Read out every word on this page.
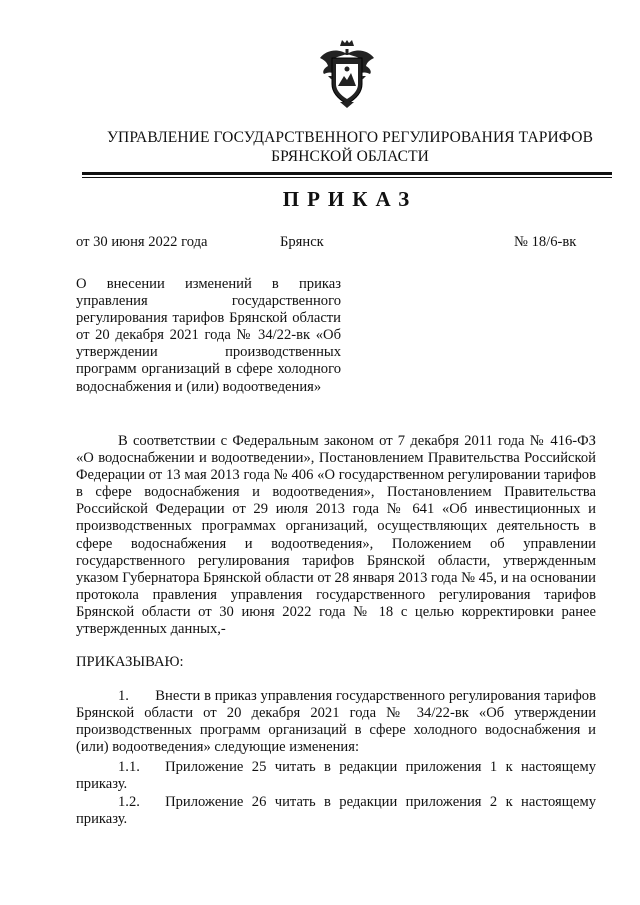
УПРАВЛЕНИЕ ГОСУДАРСТВЕННОГО РЕГУЛИРОВАНИЯ ТАРИФОВ
БРЯНСКОЙ ОБЛАСТИ
ПРИКАЗ
от 30 июня 2022 года	Брянск	№ 18/6-вк
О внесении изменений в приказ управления государственного регулирования тарифов Брянской области от 20 декабря 2021 года № 34/22-вк «Об утверждении производственных программ организаций в сфере холодного водоснабжения и (или) водоотведения»
В соответствии с Федеральным законом от 7 декабря 2011 года № 416-ФЗ «О водоснабжении и водоотведении», Постановлением Правительства Российской Федерации от 13 мая 2013 года № 406 «О государственном регулировании тарифов в сфере водоснабжения и водоотведения», Постановлением Правительства Российской Федерации от 29 июля 2013 года № 641 «Об инвестиционных и производственных программах организаций, осуществляющих деятельность в сфере водоснабжения и водоотведения», Положением об управлении государственного регулирования тарифов Брянской области, утвержденным указом Губернатора Брянской области от 28 января 2013 года № 45, и на основании протокола правления управления государственного регулирования тарифов Брянской области от 30 июня 2022 года № 18 с целью корректировки ранее утвержденных данных,-
ПРИКАЗЫВАЮ:
1. Внести в приказ управления государственного регулирования тарифов Брянской области от 20 декабря 2021 года № 34/22-вк «Об утверждении производственных программ организаций в сфере холодного водоснабжения и (или) водоотведения» следующие изменения:
1.1. Приложение 25 читать в редакции приложения 1 к настоящему приказу.
1.2. Приложение 26 читать в редакции приложения 2 к настоящему приказу.
